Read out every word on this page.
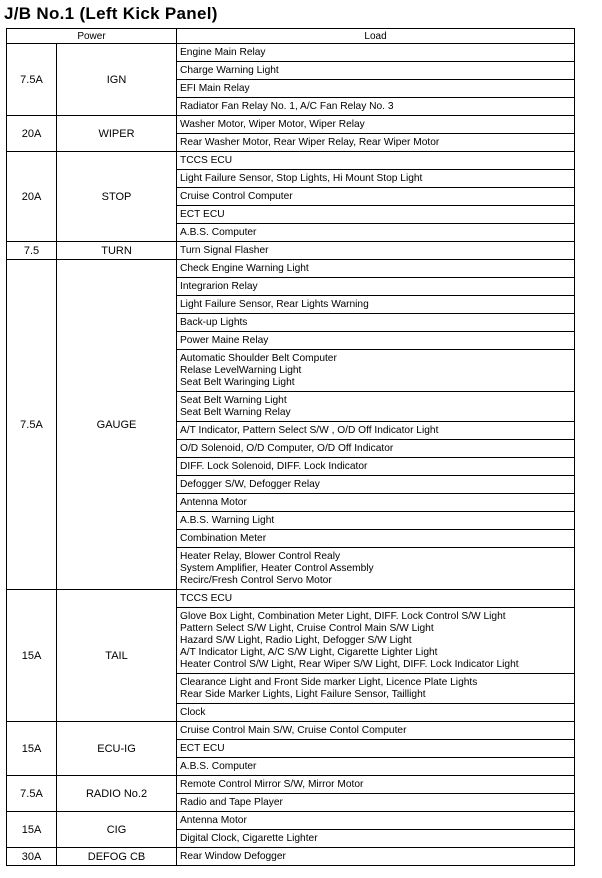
J/B No.1 (Left Kick Panel)
Power		Load
7.5A	IGN	Engine Main Relay

		Charge Warning Light

		EFI Main Relay

		Radiator Fan Relay No. 1, A/C Fan Relay No. 3

20A	WIPER	Washer Motor, Wiper Motor, Wiper Relay

		Rear Washer Motor, Rear Wiper Relay, Rear Wiper Motor

20A	STOP	TCCS ECU

		Light Failure Sensor, Stop Lights, Hi Mount Stop Light

		Cruise Control Computer

		ECT ECU

		A.B.S. Computer

7.5	TURN	Turn Signal Flasher

7.5A	GAUGE	Check Engine Warning Light

		Integrarion Relay

		Light Failure Sensor, Rear Lights Warning

		Back-up Lights

		Power Maine Relay

		Automatic Shoulder Belt Computer
Relase LevelWarning Light
Seat Belt Waringing Light

		Seat Belt Warning Light
Seat Belt Warning Relay

		A/T Indicator, Pattern Select S/W , O/D Off Indicator Light

		O/D Solenoid, O/D Computer, O/D Off Indicator

		DIFF. Lock Solenoid, DIFF. Lock Indicator

		Defogger S/W, Defogger Relay

		Antenna Motor

		A.B.S. Warning Light

		Combination Meter

		Heater Relay, Blower Control Realy
System Amplifier, Heater Control Assembly
Recirc/Fresh Control Servo Motor

15A	TAIL	TCCS ECU

		Glove Box Light, Combination Meter Light, DIFF. Lock Control S/W Light
Pattern Select S/W Light, Cruise Control Main S/W Light
Hazard S/W Light, Radio Light, Defogger S/W Light
A/T Indicator Light, A/C S/W Light, Cigarette Lighter Light
Heater Control S/W Light, Rear Wiper S/W Light, DIFF. Lock Indicator Light

		Clearance Light and Front Side marker Light, Licence Plate Lights
Rear Side Marker Lights, Light Failure Sensor, Taillight

		Clock

15A	ECU-IG	Cruise Control Main S/W, Cruise Contol Computer

		ECT ECU

		A.B.S. Computer

7.5A	RADIO No.2	Remote Control Mirror S/W, Mirror Motor

		Radio and Tape Player

15A	CIG	Antenna Motor

		Digital Clock, Cigarette Lighter

30A	DEFOG CB	Rear Window Defogger
